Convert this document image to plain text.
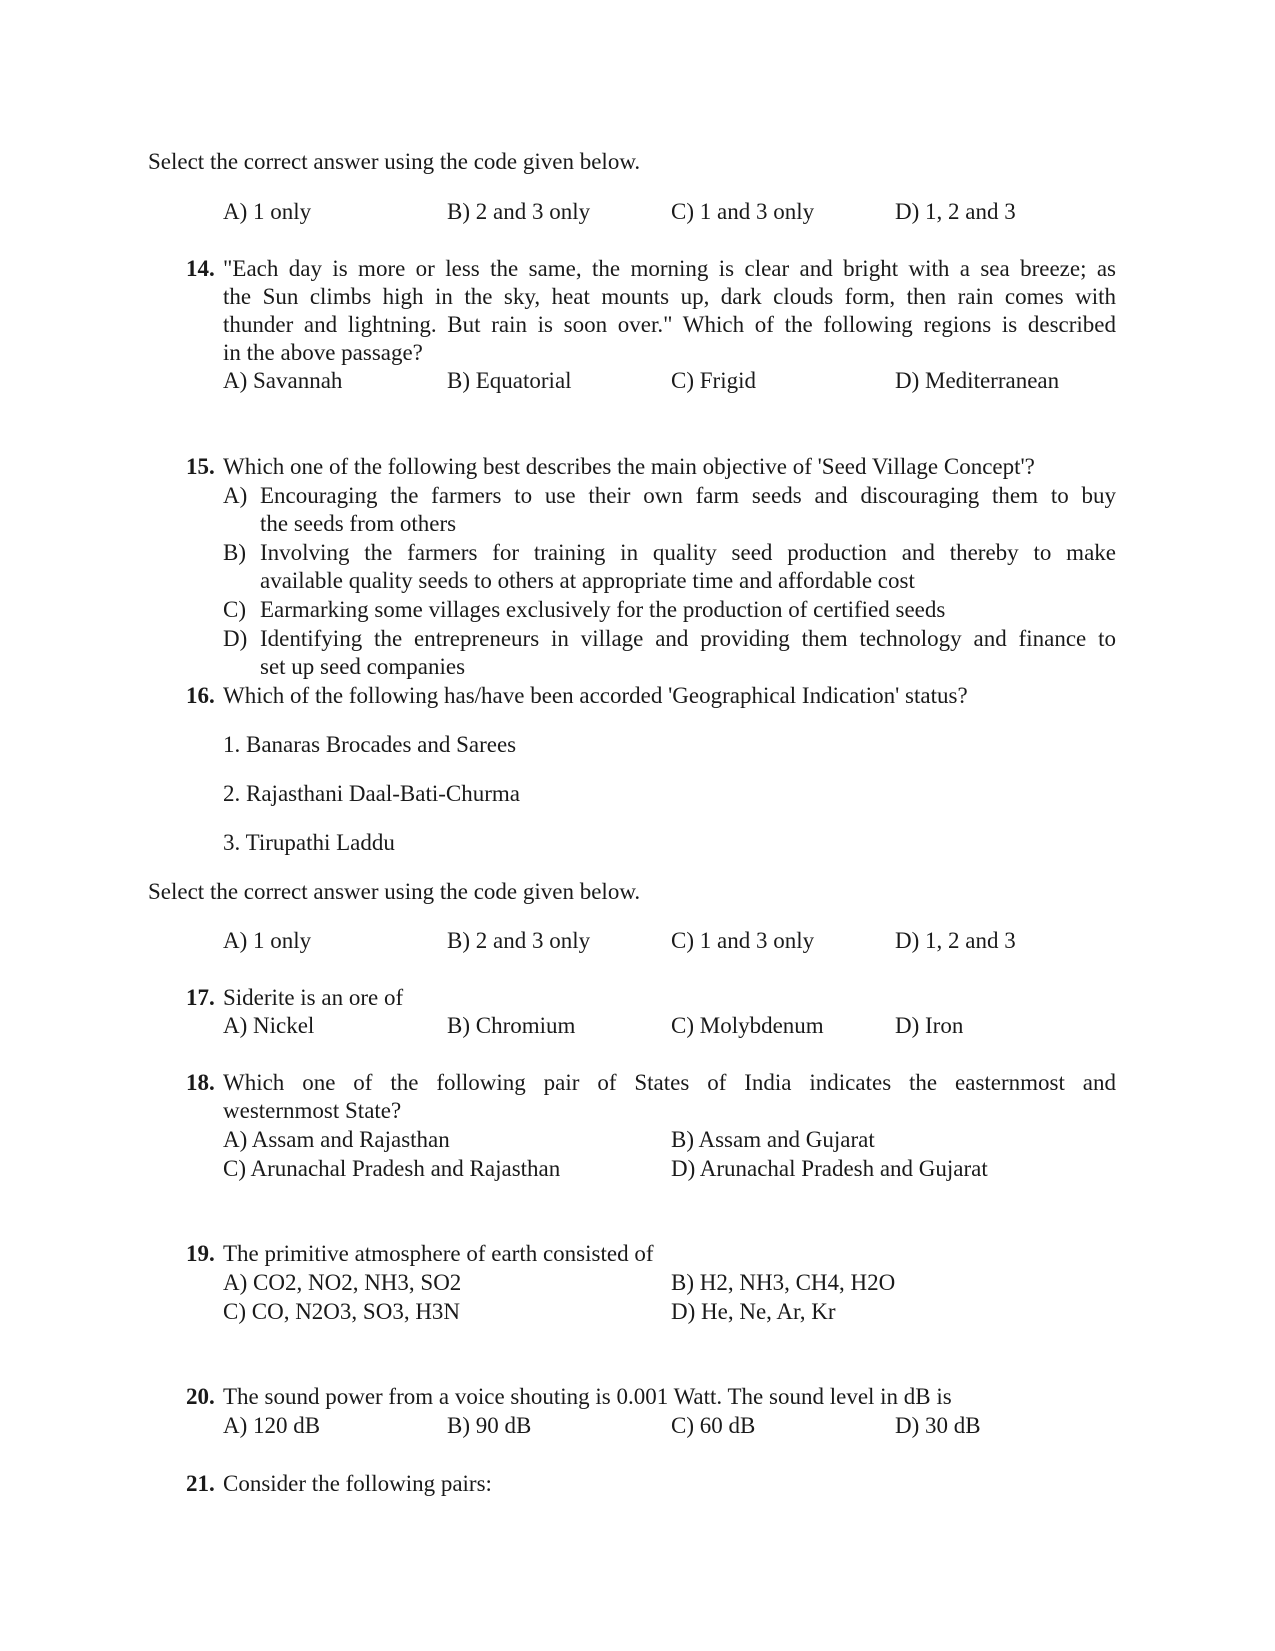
Select the correct answer using the code given below.
A) 1 only	B) 2 and 3 only	C) 1 and 3 only	D) 1, 2 and 3
14. "Each day is more or less the same, the morning is clear and bright with a sea breeze; as
the Sun climbs high in the sky, heat mounts up, dark clouds form, then rain comes with
thunder and lightning. But rain is soon over." Which of the following regions is described
in the above passage?
A) Savannah	B) Equatorial	C) Frigid	D) Mediterranean
15. Which one of the following best describes the main objective of 'Seed Village Concept'?
A) Encouraging the farmers to use their own farm seeds and discouraging them to buy
the seeds from others
B) Involving the farmers for training in quality seed production and thereby to make
available quality seeds to others at appropriate time and affordable cost
C) Earmarking some villages exclusively for the production of certified seeds
D) Identifying the entrepreneurs in village and providing them technology and finance to
set up seed companies
16. Which of the following has/have been accorded 'Geographical Indication' status?
1. Banaras Brocades and Sarees
2. Rajasthani Daal-Bati-Churma
3. Tirupathi Laddu
Select the correct answer using the code given below.
A) 1 only	B) 2 and 3 only	C) 1 and 3 only	D) 1, 2 and 3
17. Siderite is an ore of
A) Nickel	B) Chromium	C) Molybdenum	D) Iron
18. Which one of the following pair of States of India indicates the easternmost and
westernmost State?
A) Assam and Rajasthan	B) Assam and Gujarat
C) Arunachal Pradesh and Rajasthan	D) Arunachal Pradesh and Gujarat
19. The primitive atmosphere of earth consisted of
A) CO2, NO2, NH3, SO2	B) H2, NH3, CH4, H2O
C) CO, N2O3, SO3, H3N	D) He, Ne, Ar, Kr
20. The sound power from a voice shouting is 0.001 Watt. The sound level in dB is
A) 120 dB	B) 90 dB	C) 60 dB	D) 30 dB
21. Consider the following pairs:
